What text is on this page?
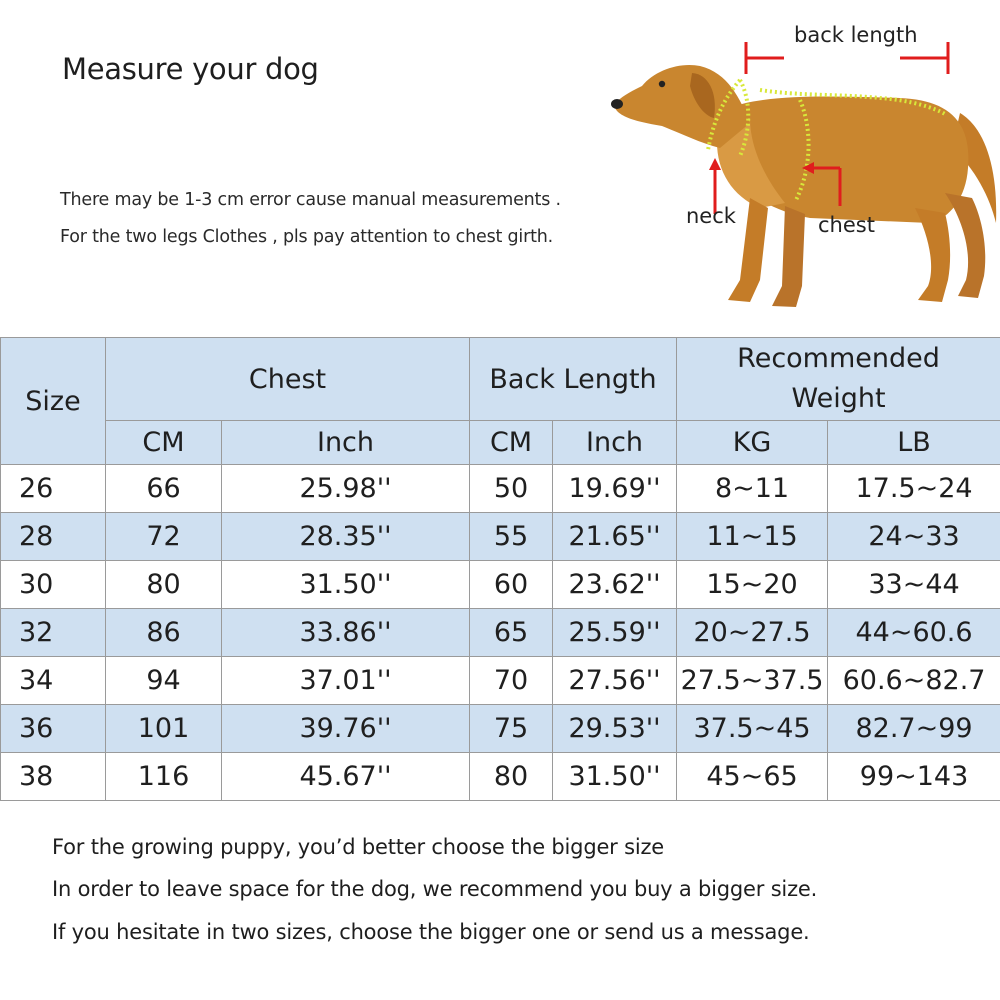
Measure your dog
There may be 1-3 cm error cause manual measurements .
For the two legs Clothes , pls pay attention to chest girth.
back length
neck	chest
Size	Chest		Back Length		Recommended
Weight	

	CM	Inch	CM	Inch	KG	LB
26	66	25.98''	50	19.69''	8~11	17.5~24
28	72	28.35''	55	21.65''	11~15	24~33
30	80	31.50''	60	23.62''	15~20	33~44
32	86	33.86''	65	25.59''	20~27.5	44~60.6
34	94	37.01''	70	27.56''	27.5~37.5	60.6~82.7
36	101	39.76''	75	29.53''	37.5~45	82.7~99
38	116	45.67''	80	31.50''	45~65	99~143
For the growing puppy, you’d better choose the bigger size
In order to leave space for the dog, we recommend you buy a bigger size.
If you hesitate in two sizes, choose the bigger one or send us a message.
